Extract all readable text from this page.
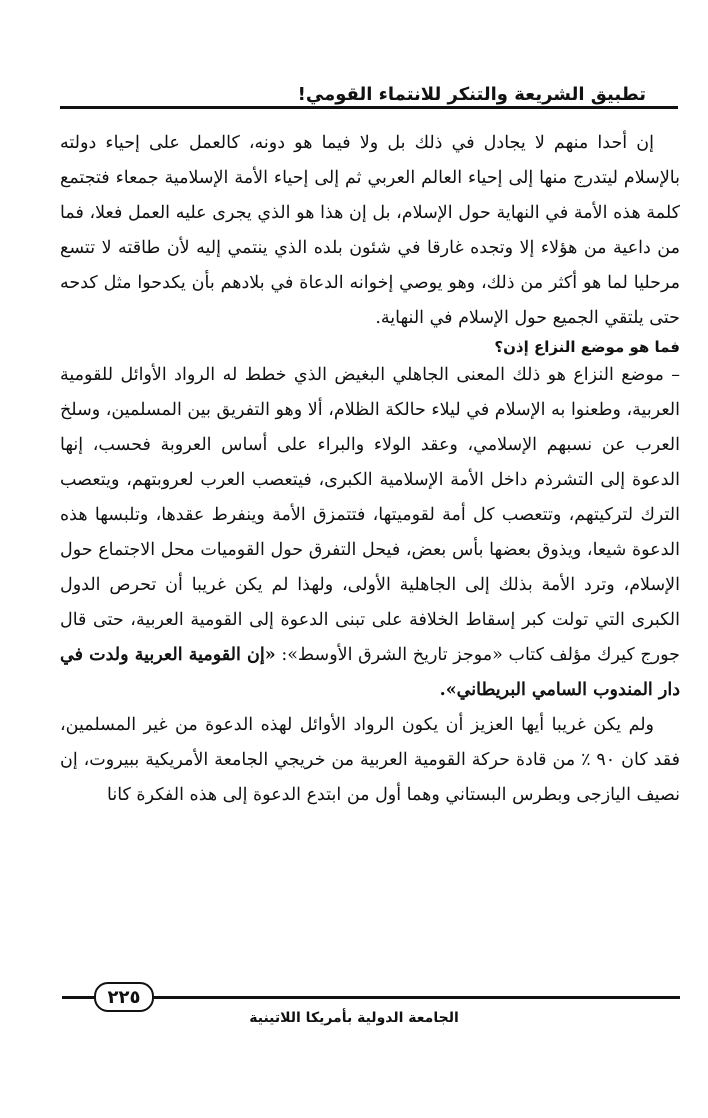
تطبيق الشريعة والتنكر للانتماء القومي!

إن أحدا منهم لا يجادل في ذلك بل ولا فيما هو دونه، كالعمل على إحياء دولته بالإسلام ليتدرج منها إلى إحياء العالم العربي ثم إلى إحياء الأمة الإسلامية جمعاء فتجتمع كلمة هذه الأمة في النهاية حول الإسلام، بل إن هذا هو الذي يجرى عليه العمل فعلا، فما من داعية من هؤلاء إلا وتجده غارقا في شئون بلده الذي ينتمي إليه لأن طاقته لا تتسع مرحليا لما هو أكثر من ذلك، وهو يوصي إخوانه الدعاة في بلادهم بأن يكدحوا مثل كدحه حتى يلتقي الجميع حول الإسلام في النهاية.

فما هو موضع النزاع إذن؟

– موضع النزاع هو ذلك المعنى الجاهلي البغيض الذي خطط له الرواد الأوائل للقومية العربية، وطعنوا به الإسلام في ليلاء حالكة الظلام، ألا وهو التفريق بين المسلمين، وسلخ العرب عن نسبهم الإسلامي، وعقد الولاء والبراء على أساس العروبة فحسب، إنها الدعوة إلى التشرذم داخل الأمة الإسلامية الكبرى، فيتعصب العرب لعروبتهم، ويتعصب الترك لتركيتهم، وتتعصب كل أمة لقوميتها، فتتمزق الأمة وينفرط عقدها، وتلبسها هذه الدعوة شيعا، ويذوق بعضها بأس بعض، فيحل التفرق حول القوميات محل الاجتماع حول الإسلام، وترد الأمة بذلك إلى الجاهلية الأولى، ولهذا لم يكن غريبا أن تحرص الدول الكبرى التي تولت كبر إسقاط الخلافة على تبنى الدعوة إلى القومية العربية، حتى قال جورج كيرك مؤلف كتاب «موجز تاريخ الشرق الأوسط»: «إن القومية العربية ولدت في دار المندوب السامي البريطاني».

ولم يكن غريبا أيها العزيز أن يكون الرواد الأوائل لهذه الدعوة من غير المسلمين، فقد كان ٩٠ ٪ من قادة حركة القومية العربية من خريجي الجامعة الأمريكية ببيروت، إن نصيف اليازجى وبطرس البستاني وهما أول من ابتدع الدعوة إلى هذه الفكرة كانا

٢٢٥
الجامعة الدولية بأمريكا اللاتينية
